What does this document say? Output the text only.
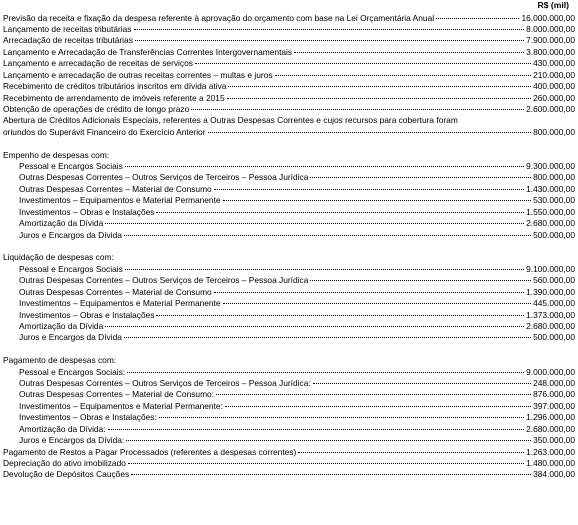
R$ (mil)
Previsão da receita e fixação da despesa referente à aprovação do orçamento com base na Lei Orçamentária Anual	16.000.000,00
Lançamento de receitas tributárias	8.000.000,00
Arrecadação de receitas tributárias	7.900.000,00
Lançamento e Arrecadação de Transferências Correntes Intergovernamentais	3.800.000,00
Lançamento e arrecadação de receitas de serviços	430.000,00
Lançamento e arrecadação de outras receitas correntes – multas e juros	210.000,00
Recebimento de créditos tributários inscritos em dívida ativa	400.000,00
Recebimento de arrendamento de imóveis referente a 2015	260.000,00
Obtenção de operações de crédito de longo prazo	2.600.000,00
Abertura de Créditos Adicionais Especiais, referentes a Outras Despesas Correntes e cujos recursos para cobertura foram
oriundos do Superávit Financeiro do Exercício Anterior	800.000,00
Empenho de despesas com:
Pessoal e Encargos Sociais	9.300.000,00
Outras Despesas Correntes – Outros Serviços de Terceiros – Pessoa Jurídica	800.000,00
Outras Despesas Correntes – Material de Consumo	1.430.000,00
Investimentos – Equipamentos e Material Permanente	530.000,00
Investimentos – Obras e Instalações	1.550.000,00
Amortização da Dívida	2.680.000,00
Juros e Encargos da Dívida	500.000,00
Liquidação de despesas com:
Pessoal e Encargos Sociais	9.100.000,00
Outras Despesas Correntes – Outros Serviços de Terceiros – Pessoa Jurídica	560.000,00
Outras Despesas Correntes – Material de Consumo	1.390.000,00
Investimentos – Equipamentos e Material Permanente	445.000,00
Investimentos – Obras e Instalações	1.373.000,00
Amortização da Dívida	2.680.000,00
Juros e Encargos da Dívida	500.000,00
Pagamento de despesas com:
Pessoal e Encargos Sociais:	9.000.000,00
Outras Despesas Correntes – Outros Serviços de Terceiros – Pessoa Jurídica:	248.000,00
Outras Despesas Correntes – Material de Consumo:	876.000,00
Investimentos – Equipamentos e Material Permanente:	397.000,00
Investimentos – Obras e Instalações:	1.296.000,00
Amortização da Dívida:	2.680.000,00
Juros e Encargos da Dívida:	350.000,00
Pagamento de Restos a Pagar Processados (referentes a despesas correntes)	1.263.000,00
Depreciação do ativo imobilizado	1.480.000,00
Devolução de Depósitos Cauções	384.000,00
